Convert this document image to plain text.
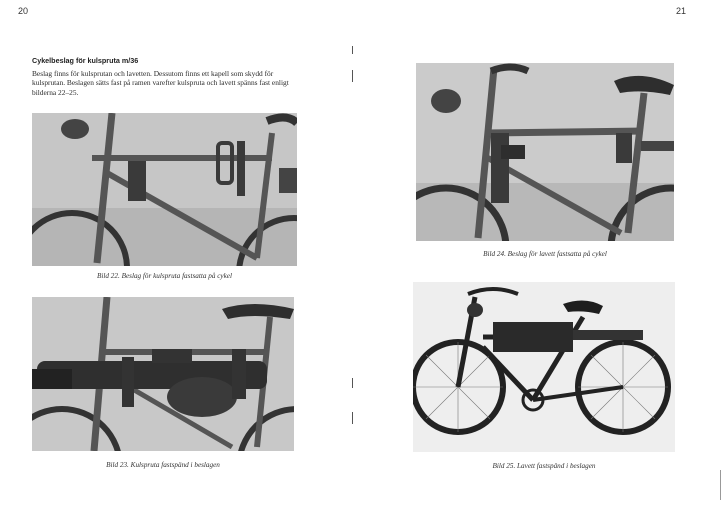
20	21
Cykelbeslag för kulspruta m/36
Beslag finns för kulsprutan och lavetten. Dessutom finns ett kapell som skydd för kulsprutan. Beslagen sätts fast på ramen varefter kulspruta och lavett spänns fast enligt bilderna 22–25.
Bild 22. Beslag för kulspruta fastsatta på cykel
Bild 23. Kulspruta fastspänd i beslagen
Bild 24. Beslag för lavett fastsatta på cykel
Bild 25. Lavett fastspänd i beslagen
